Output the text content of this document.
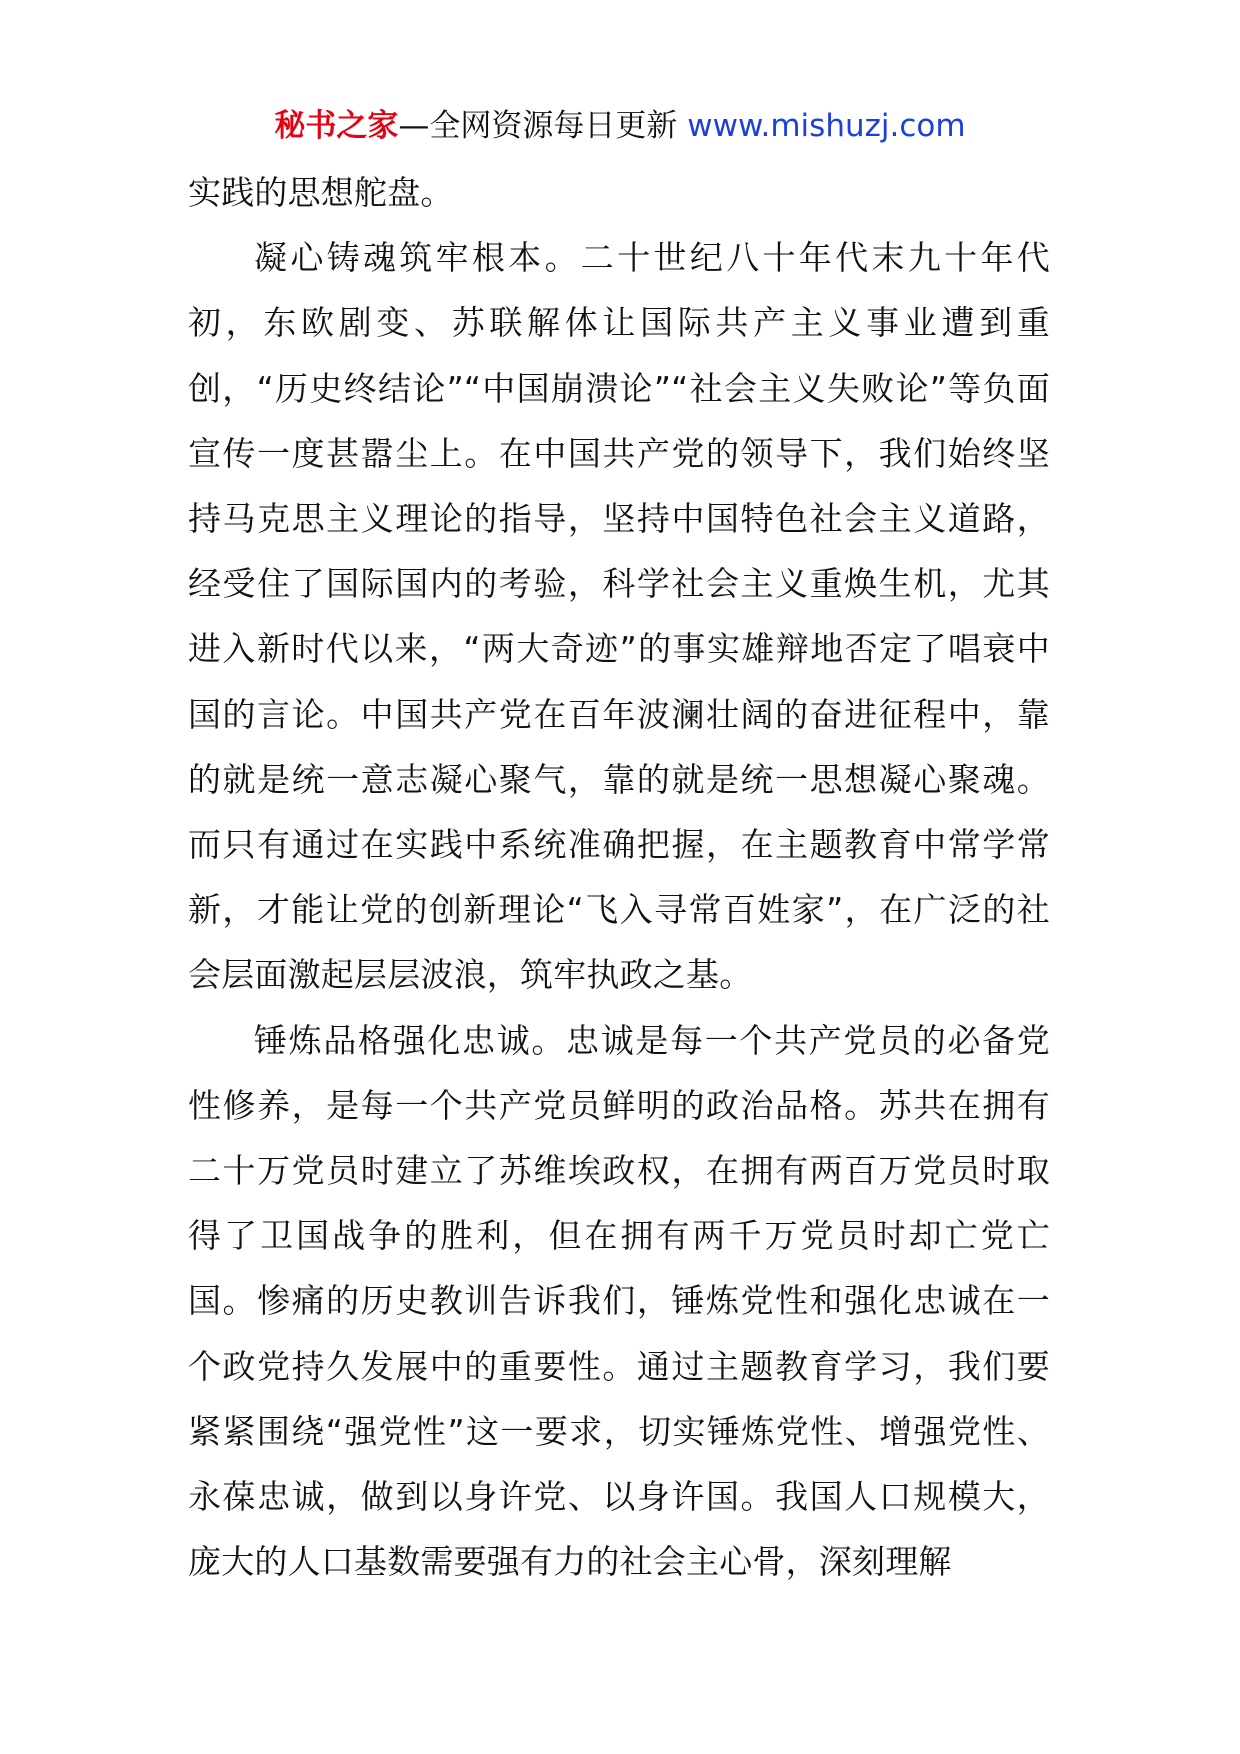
秘书之家—全网资源每日更新 www.mishuzj.com

实践的思想舵盘。

凝心铸魂筑牢根本。二十世纪八十年代末九十年代初，东欧剧变、苏联解体让国际共产主义事业遭到重创，“历史终结论”“中国崩溃论”“社会主义失败论”等负面宣传一度甚嚣尘上。在中国共产党的领导下，我们始终坚持马克思主义理论的指导，坚持中国特色社会主义道路，经受住了国际国内的考验，科学社会主义重焕生机，尤其进入新时代以来，“两大奇迹”的事实雄辩地否定了唱衰中国的言论。中国共产党在百年波澜壮阔的奋进征程中，靠的就是统一意志凝心聚气，靠的就是统一思想凝心聚魂。而只有通过在实践中系统准确把握，在主题教育中常学常新，才能让党的创新理论“飞入寻常百姓家”，在广泛的社会层面激起层层波浪，筑牢执政之基。

锤炼品格强化忠诚。忠诚是每一个共产党员的必备党性修养，是每一个共产党员鲜明的政治品格。苏共在拥有二十万党员时建立了苏维埃政权，在拥有两百万党员时取得了卫国战争的胜利，但在拥有两千万党员时却亡党亡国。惨痛的历史教训告诉我们，锤炼党性和强化忠诚在一个政党持久发展中的重要性。通过主题教育学习，我们要紧紧围绕“强党性”这一要求，切实锤炼党性、增强党性、永葆忠诚，做到以身许党、以身许国。我国人口规模大，庞大的人口基数需要强有力的社会主心骨，深刻理解
